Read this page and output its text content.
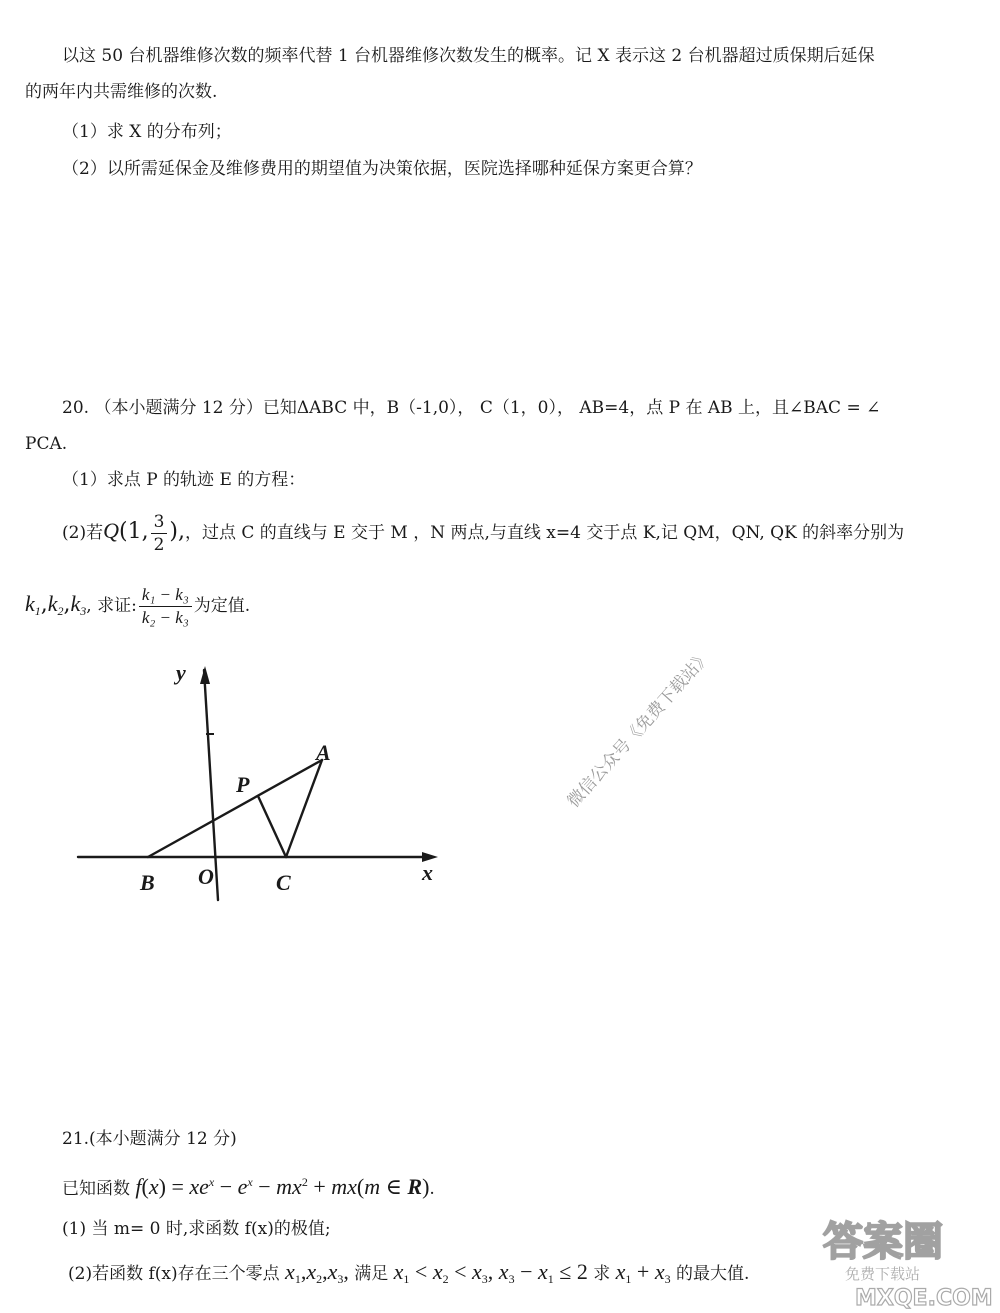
以这 50 台机器维修次数的频率代替 1 台机器维修次数发生的概率。记 X 表示这 2 台机器超过质保期后延保
的两年内共需维修的次数.
（1）求 X 的分布列；
（2）以所需延保金及维修费用的期望值为决策依据，医院选择哪种延保方案更合算？
20. （本小题满分 12 分）已知ΔABC 中，B（-1,0）， C（1，0）， AB=4，点 P 在 AB 上，且∠BAC = ∠
PCA.
（1）求点 P 的轨迹 E 的方程：
(2)若Q(1, $\frac{3}{2}$ ),，过点 C 的直线与 E 交于 M ，N 两点,与直线 x=4 交于点 K,记 QM，QN, QK 的斜率分别为
$k_1,k_2,k_3$, 求证: $\frac{\text{k₁ − k₃}}{\text{k₂ − k₃}}$ 为定值.
y
x
A
P
B O	C
微信公众号《免费下载站》
21.(本小题满分 12 分)
已知函数 $f(x) = xe^x - e^x - mx^2 + mx(m$ ∈ R).
(1) 当 m= 0 时,求函数 f(x)的极值;
(2)若函数 f(x)存在三个零点 $x_1,x_2,x_3$, 满足 $x_1 < x_2 < x_3$, $x_3 - x_1 \le 2$ 求 $x_1 + x_3$ 的最大值.
答案圈
免费下载站
MXQE.COM
